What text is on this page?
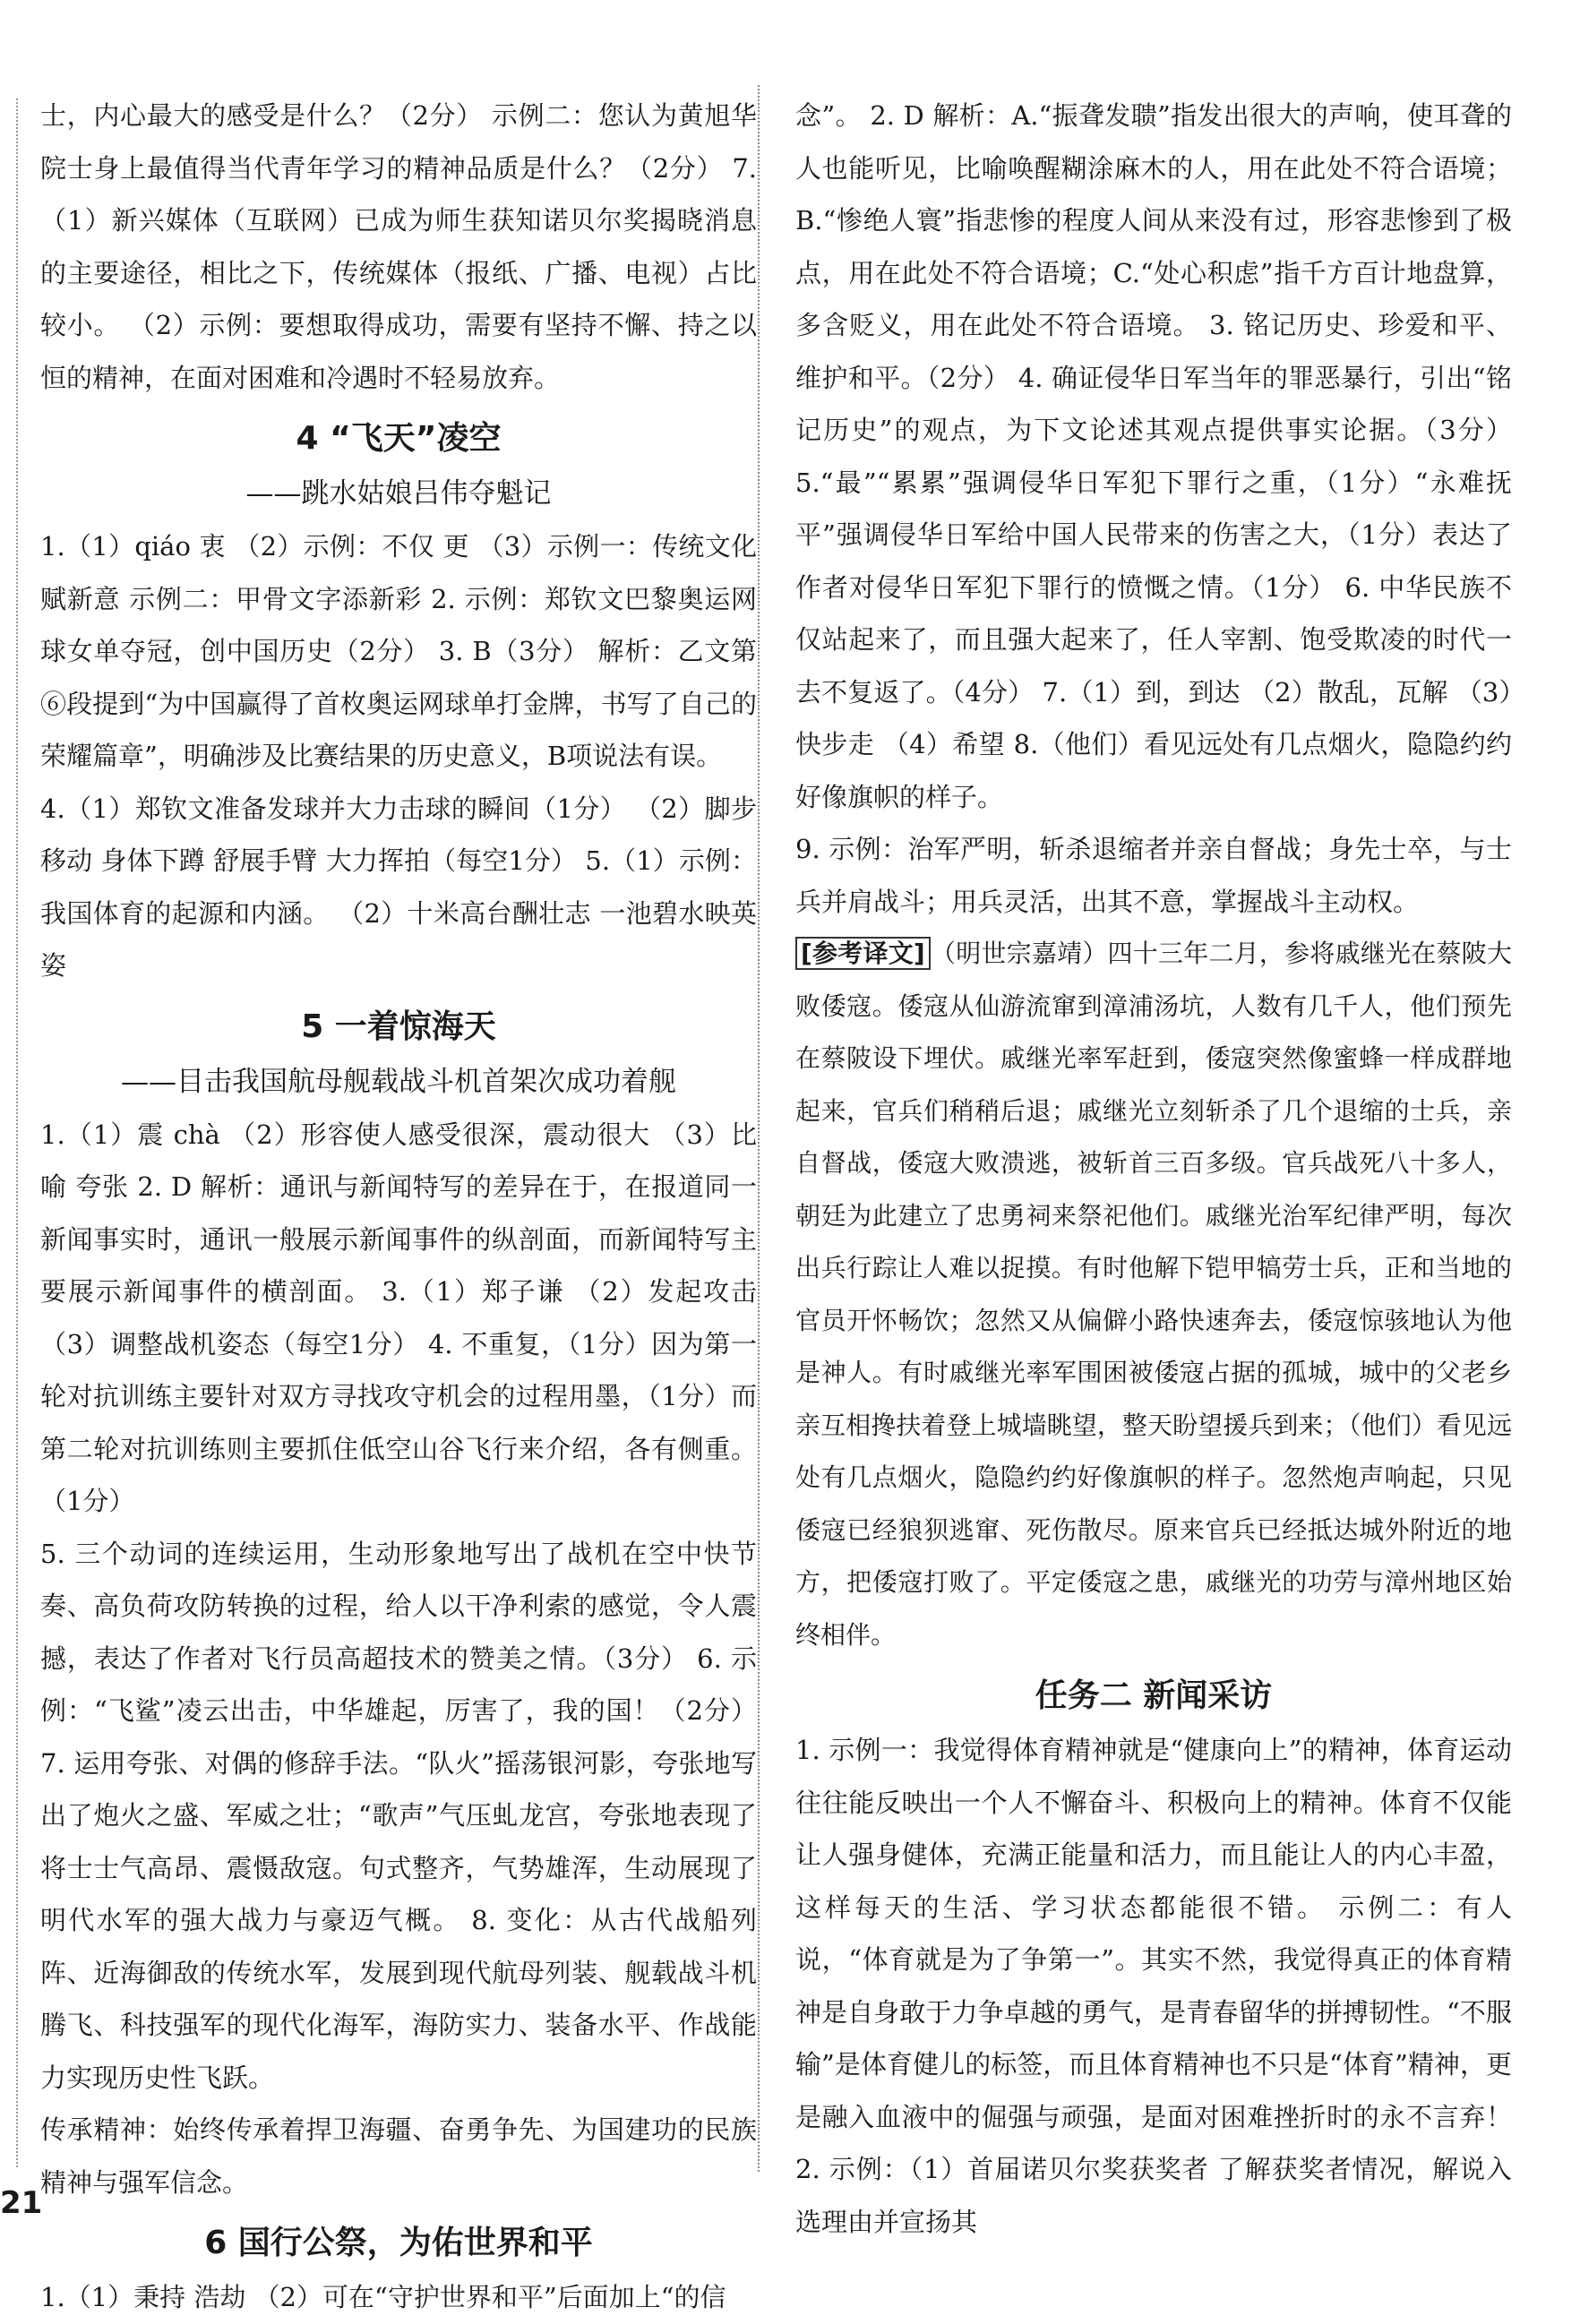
士，内心最大的感受是什么？（2分） 示例二：您认为黄旭华院士身上最值得当代青年学习的精神品质是什么？（2分） 7.（1）新兴媒体（互联网）已成为师生获知诺贝尔奖揭晓消息的主要途径，相比之下，传统媒体（报纸、广播、电视）占比较小。 （2）示例：要想取得成功，需要有坚持不懈、持之以恒的精神，在面对困难和冷遇时不轻易放弃。

4 “飞天”凌空
——跳水姑娘吕伟夺魁记

1.（1）qiáo 衷 （2）示例：不仅 更 （3）示例一：传统文化赋新意 示例二：甲骨文字添新彩 2. 示例：郑钦文巴黎奥运网球女单夺冠，创中国历史（2分） 3. B（3分） 解析：乙文第⑥段提到“为中国赢得了首枚奥运网球单打金牌，书写了自己的荣耀篇章”，明确涉及比赛结果的历史意义，B项说法有误。

4.（1）郑钦文准备发球并大力击球的瞬间（1分） （2）脚步移动 身体下蹲 舒展手臂 大力挥拍（每空1分） 5.（1）示例：我国体育的起源和内涵。 （2）十米高台酬壮志 一池碧水映英姿

5 一着惊海天
——目击我国航母舰载战斗机首架次成功着舰

1.（1）震 chà （2）形容使人感受很深，震动很大 （3）比喻 夸张 2. D 解析：通讯与新闻特写的差异在于，在报道同一新闻事实时，通讯一般展示新闻事件的纵剖面，而新闻特写主要展示新闻事件的横剖面。 3.（1）郑子谦 （2）发起攻击 （3）调整战机姿态（每空1分） 4. 不重复，（1分）因为第一轮对抗训练主要针对双方寻找攻守机会的过程用墨，（1分）而第二轮对抗训练则主要抓住低空山谷飞行来介绍，各有侧重。（1分）

5. 三个动词的连续运用，生动形象地写出了战机在空中快节奏、高负荷攻防转换的过程，给人以干净利索的感觉，令人震撼，表达了作者对飞行员高超技术的赞美之情。（3分） 6. 示例：“飞鲨”凌云出击，中华雄起，厉害了，我的国！（2分） 7. 运用夸张、对偶的修辞手法。“队火”摇荡银河影，夸张地写出了炮火之盛、军威之壮；“歌声”气压虬龙宫，夸张地表现了将士士气高昂、震慑敌寇。句式整齐，气势雄浑，生动展现了明代水军的强大战力与豪迈气概。 8. 变化：从古代战船列阵、近海御敌的传统水军，发展到现代航母列装、舰载战斗机腾飞、科技强军的现代化海军，海防实力、装备水平、作战能力实现历史性飞跃。

传承精神：始终传承着捍卫海疆、奋勇争先、为国建功的民族精神与强军信念。

6 国行公祭，为佑世界和平

1.（1）秉持 浩劫 （2）可在“守护世界和平”后面加上“的信

念”。 2. D 解析：A.“振聋发聩”指发出很大的声响，使耳聋的人也能听见，比喻唤醒糊涂麻木的人，用在此处不符合语境；B.“惨绝人寰”指悲惨的程度人间从来没有过，形容悲惨到了极点，用在此处不符合语境；C.“处心积虑”指千方百计地盘算，多含贬义，用在此处不符合语境。 3. 铭记历史、珍爱和平、维护和平。（2分） 4. 确证侵华日军当年的罪恶暴行，引出“铭记历史”的观点，为下文论述其观点提供事实论据。（3分） 5.“最”“累累”强调侵华日军犯下罪行之重，（1分）“永难抚平”强调侵华日军给中国人民带来的伤害之大，（1分）表达了作者对侵华日军犯下罪行的愤慨之情。（1分） 6. 中华民族不仅站起来了，而且强大起来了，任人宰割、饱受欺凌的时代一去不复返了。（4分） 7.（1）到，到达 （2）散乱，瓦解 （3）快步走 （4）希望 8.（他们）看见远处有几点烟火，隐隐约约好像旗帜的样子。

9. 示例：治军严明，斩杀退缩者并亲自督战；身先士卒，与士兵并肩战斗；用兵灵活，出其不意，掌握战斗主动权。

[参考译文] （明世宗嘉靖）四十三年二月，参将戚继光在蔡陂大败倭寇。倭寇从仙游流窜到漳浦汤坑，人数有几千人，他们预先在蔡陂设下埋伏。戚继光率军赶到，倭寇突然像蜜蜂一样成群地起来，官兵们稍稍后退；戚继光立刻斩杀了几个退缩的士兵，亲自督战，倭寇大败溃逃，被斩首三百多级。官兵战死八十多人，朝廷为此建立了忠勇祠来祭祀他们。戚继光治军纪律严明，每次出兵行踪让人难以捉摸。有时他解下铠甲犒劳士兵，正和当地的官员开怀畅饮；忽然又从偏僻小路快速奔去，倭寇惊骇地认为他是神人。有时戚继光率军围困被倭寇占据的孤城，城中的父老乡亲互相搀扶着登上城墙眺望，整天盼望援兵到来；（他们）看见远处有几点烟火，隐隐约约好像旗帜的样子。忽然炮声响起，只见倭寇已经狼狈逃窜、死伤散尽。原来官兵已经抵达城外附近的地方，把倭寇打败了。平定倭寇之患，戚继光的功劳与漳州地区始终相伴。

任务二 新闻采访

1. 示例一：我觉得体育精神就是“健康向上”的精神，体育运动往往能反映出一个人不懈奋斗、积极向上的精神。体育不仅能让人强身健体，充满正能量和活力，而且能让人的内心丰盈，这样每天的生活、学习状态都能很不错。 示例二：有人说，“体育就是为了争第一”。其实不然，我觉得真正的体育精神是自身敢于力争卓越的勇气，是青春留华的拼搏韧性。“不服输”是体育健儿的标签，而且体育精神也不只是“体育”精神，更是融入血液中的倔强与顽强，是面对困难挫折时的永不言弃！ 2. 示例：（1）首届诺贝尔奖获奖者 了解获奖者情况，解说入选理由并宣扬其

21
